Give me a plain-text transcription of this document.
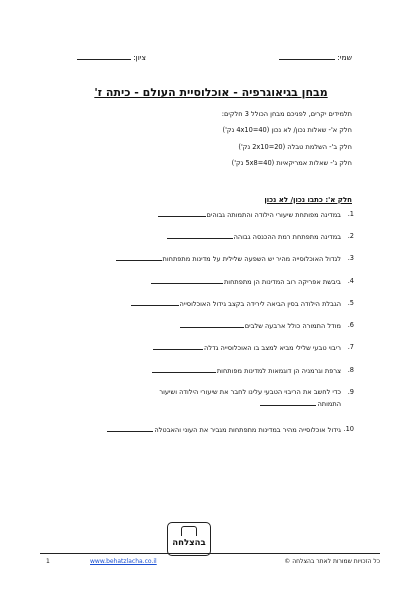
שמי:
ציון:
מבחן בגיאוגרפיה - אוכלוסיית העולם - כיתה ז'
תלמידים יקרים, לפניכם מבחן הכולל 3 חלקים:
חלק א'- שאלות נכון/ לא נכון (4x10=40 נק')
חלק ב'- השלמת טבלה (2x10=20 נק')
חלק ג'- שאלות אמריקאיות (5x8=40 נק')
חלק א': כתבו נכון/ לא נכון
1.
במדינה מפותחת שיעורי הילודה והתמותה גבוהים
2.
במדינה מתפתחת רמת ההכנסה גבוהה
3.
לגדול האוכלוסייה מהיר יש השפעה שלילית על מדינות מתפתחות
4.
ביבשת אפריקה רוב המדינות הן מתפתחות
5.
הגבלת הילודה בסין הביאה לירידה בקצב גידול האוכלוסייה
6.
מודל התמורה כולל ארבעה שלבים
7.
ריבוי טבעי שלילי מביא למצב בו האוכלוסייה גדלה
8.
צרפת וגרמניה הן דוגמאות למדינות מפותחות
9.
כדי לחשב את הריבוי הטבעי עלינו לחבר את שיעורי הילודה ושיעור
התמותה
10.
גידול אוכלוסייה מהיר במדינות מתפתחות מגביר את העוני והאבטלה
בהצלחה
כל הזכויות שמורות לאתר בהצלחה ©
www.behatzlacha.co.il
1
